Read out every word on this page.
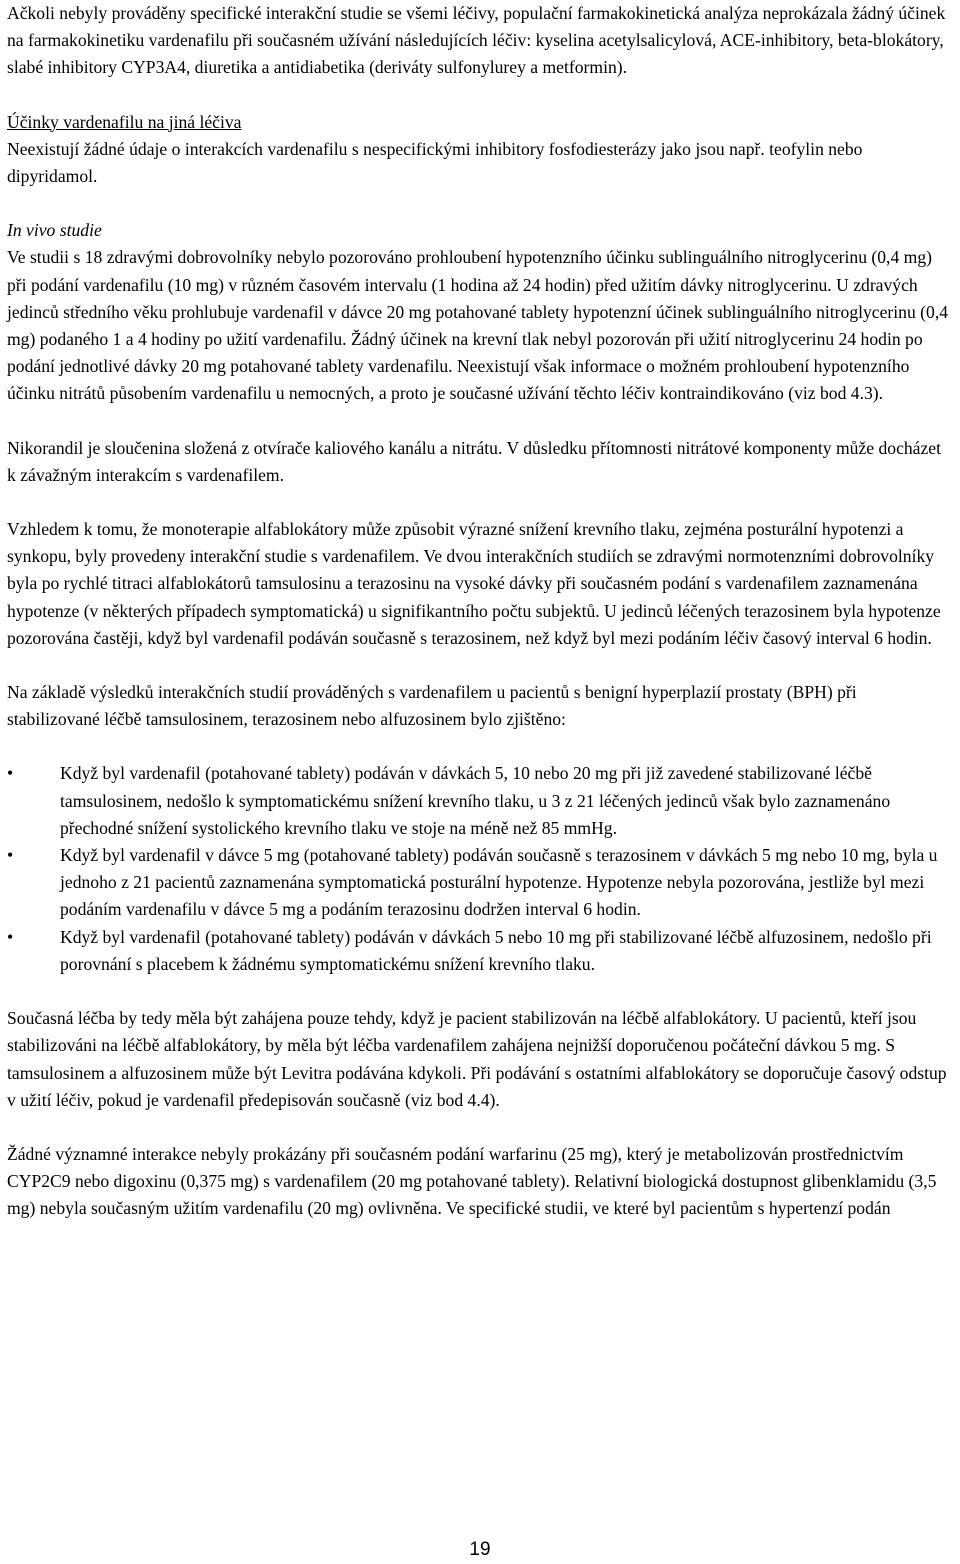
Ačkoli nebyly prováděny specifické interakční studie se všemi léčivy, populační farmakokinetická analýza neprokázala žádný účinek na farmakokinetiku vardenafilu při současném užívání následujících léčiv: kyselina acetylsalicylová, ACE-inhibitory, beta-blokátory, slabé inhibitory CYP3A4, diuretika a antidiabetika (deriváty sulfonylurey a metformin).

Účinky vardenafilu na jiná léčiva

Neexistují žádné údaje o interakcích vardenafilu s nespecifickými inhibitory fosfodiesterázy jako jsou např. teofylin nebo dipyridamol.

In vivo studie

Ve studii s 18 zdravými dobrovolníky nebylo pozorováno prohloubení hypotenzního účinku sublinguálního nitroglycerinu (0,4 mg) při podání vardenafilu (10 mg) v různém časovém intervalu (1 hodina až 24 hodin) před užitím dávky nitroglycerinu. U zdravých jedinců středního věku prohlubuje vardenafil v dávce 20 mg potahované tablety hypotenzní účinek sublinguálního nitroglycerinu (0,4 mg) podaného 1 a 4 hodiny po užití vardenafilu. Žádný účinek na krevní tlak nebyl pozorován při užití nitroglycerinu 24 hodin po podání jednotlivé dávky 20 mg potahované tablety vardenafilu. Neexistují však informace o možném prohloubení hypotenzního účinku nitrátů působením vardenafilu u nemocných, a proto je současné užívání těchto léčiv kontraindikováno (viz bod 4.3).

Nikorandil je sloučenina složená z otvírače kaliového kanálu a nitrátu. V důsledku přítomnosti nitrátové komponenty může docházet k závažným interakcím s vardenafilem.

Vzhledem k tomu, že monoterapie alfablokátory může způsobit výrazné snížení krevního tlaku, zejména posturální hypotenzi a synkopu, byly provedeny interakční studie s vardenafilem. Ve dvou interakčních studiích se zdravými normotenzními dobrovolníky byla po rychlé titraci alfablokátorů tamsulosinu a terazosinu na vysoké dávky při současném podání s vardenafilem zaznamenána hypotenze (v některých případech symptomatická) u signifikantního počtu subjektů. U jedinců léčených terazosinem byla hypotenze pozorována častěji, když byl vardenafil podáván současně s terazosinem, než když byl mezi podáním léčiv časový interval 6 hodin.

Na základě výsledků interakčních studií prováděných s vardenafilem u pacientů s benigní hyperplazií prostaty (BPH) při stabilizované léčbě tamsulosinem, terazosinem nebo alfuzosinem bylo zjištěno:

•	Když byl vardenafil (potahované tablety) podáván v dávkách 5, 10 nebo 20 mg při již zavedené stabilizované léčbě tamsulosinem, nedošlo k symptomatickému snížení krevního tlaku, u 3 z 21 léčených jedinců však bylo zaznamenáno přechodné snížení systolického krevního tlaku ve stoje na méně než 85 mmHg.
•	Když byl vardenafil v dávce 5 mg (potahované tablety) podáván současně s terazosinem v dávkách 5 mg nebo 10 mg, byla u jednoho z 21 pacientů zaznamenána symptomatická posturální hypotenze. Hypotenze nebyla pozorována, jestliže byl mezi podáním vardenafilu v dávce 5 mg a podáním terazosinu dodržen interval 6 hodin.
•	Když byl vardenafil (potahované tablety) podáván v dávkách 5 nebo 10 mg při stabilizované léčbě alfuzosinem, nedošlo při porovnání s placebem k žádnému symptomatickému snížení krevního tlaku.

Současná léčba by tedy měla být zahájena pouze tehdy, když je pacient stabilizován na léčbě alfablokátory. U pacientů, kteří jsou stabilizováni na léčbě alfablokátory, by měla být léčba vardenafilem zahájena nejnižší doporučenou počáteční dávkou 5 mg. S tamsulosinem a alfuzosinem může být Levitra podávána kdykoli. Při podávání s ostatními alfablokátory se doporučuje časový odstup v užití léčiv, pokud je vardenafil předepisován současně (viz bod 4.4).

Žádné významné interakce nebyly prokázány při současném podání warfarinu (25 mg), který je metabolizován prostřednictvím CYP2C9 nebo digoxinu (0,375 mg) s vardenafilem (20 mg potahované tablety). Relativní biologická dostupnost glibenklamidu (3,5 mg) nebyla současným užitím vardenafilu (20 mg) ovlivněna. Ve specifické studii, ve které byl pacientům s hypertenzí podán

19
